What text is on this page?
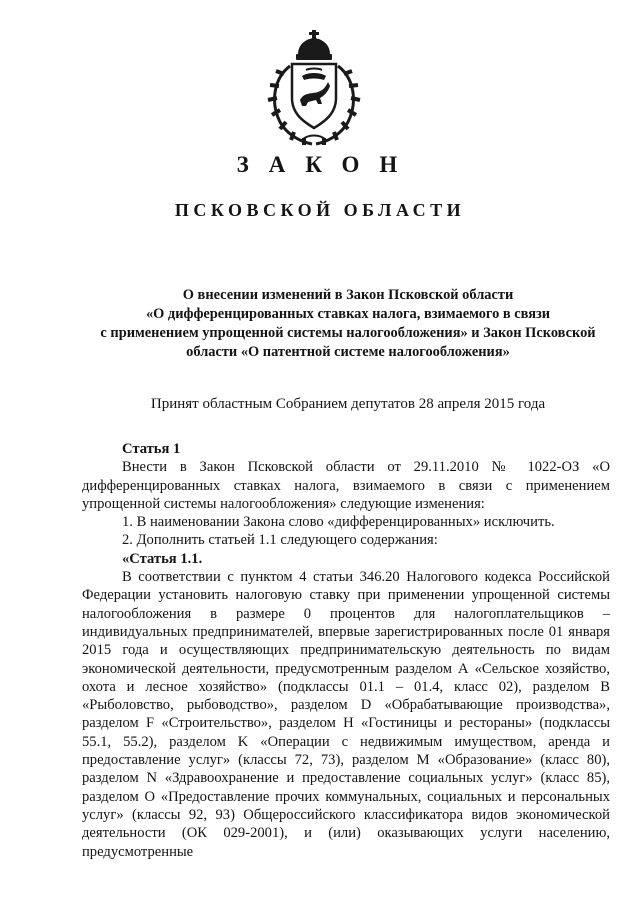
ЗАКОН
ПСКОВСКОЙ ОБЛАСТИ
О внесении изменений в Закон Псковской области
«О дифференцированных ставках налога, взимаемого в связи
с применением упрощенной системы налогообложения» и Закон Псковской
области «О патентной системе налогообложения»
Принят областным Собранием депутатов 28 апреля 2015 года

Статья 1

Внести в Закон Псковской области от 29.11.2010 № 1022-ОЗ «О дифференцированных ставках налога, взимаемого в связи с применением упрощенной системы налогообложения» следующие изменения:

1. В наименовании Закона слово «дифференцированных» исключить.

2. Дополнить статьей 1.1 следующего содержания:

«Статья 1.1.

В соответствии с пунктом 4 статьи 346.20 Налогового кодекса Российской Федерации установить налоговую ставку при применении упрощенной системы налогообложения в размере 0 процентов для налогоплательщиков – индивидуальных предпринимателей, впервые зарегистрированных после 01 января 2015 года и осуществляющих предпринимательскую деятельность по видам экономической деятельности, предусмотренным разделом А «Сельское хозяйство, охота и лесное хозяйство» (подклассы 01.1 – 01.4, класс 02), разделом В «Рыболовство, рыбоводство», разделом D «Обрабатывающие производства», разделом F «Строительство», разделом H «Гостиницы и рестораны» (подклассы 55.1, 55.2), разделом K «Операции с недвижимым имуществом, аренда и предоставление услуг» (классы 72, 73), разделом M «Образование» (класс 80), разделом N «Здравоохранение и предоставление социальных услуг» (класс 85), разделом О «Предоставление прочих коммунальных, социальных и персональных услуг» (классы 92, 93) Общероссийского классификатора видов экономической деятельности (ОК 029-2001), и (или) оказывающих услуги населению, предусмотренные
